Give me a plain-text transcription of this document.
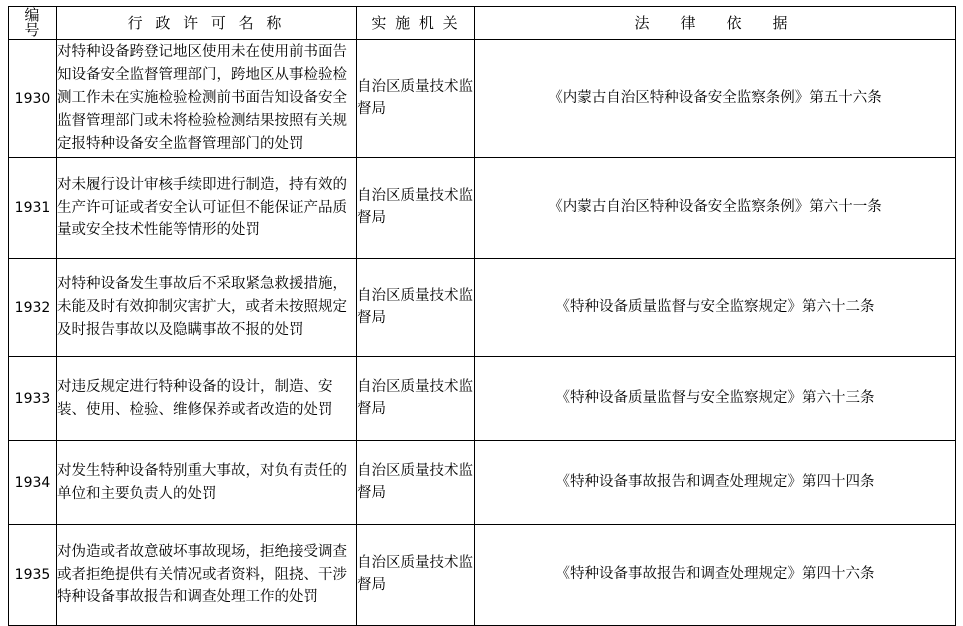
编　号	行 政 许 可 名 称	实 施 机 关	法　律　依　据

1930	对特种设备跨登记地区使用未在使用前书面告知设备安全监督管理部门，跨地区从事检验检测工作未在实施检验检测前书面告知设备安全监督管理部门或未将检验检测结果按照有关规定报特种设备安全监督管理部门的处罚	自治区质量技术监督局	《内蒙古自治区特种设备安全监察条例》第五十六条
1931	对未履行设计审核手续即进行制造，持有效的生产许可证或者安全认可证但不能保证产品质量或安全技术性能等情形的处罚	自治区质量技术监督局	《内蒙古自治区特种设备安全监察条例》第六十一条
1932	对特种设备发生事故后不采取紧急救援措施，未能及时有效抑制灾害扩大，或者未按照规定及时报告事故以及隐瞒事故不报的处罚	自治区质量技术监督局	《特种设备质量监督与安全监察规定》第六十二条
1933	对违反规定进行特种设备的设计，制造、安装、使用、检验、维修保养或者改造的处罚	自治区质量技术监督局	《特种设备质量监督与安全监察规定》第六十三条
1934	对发生特种设备特别重大事故，对负有责任的单位和主要负责人的处罚	自治区质量技术监督局	《特种设备事故报告和调查处理规定》第四十四条
1935	对伪造或者故意破坏事故现场，拒绝接受调查或者拒绝提供有关情况或者资料，阻挠、干涉特种设备事故报告和调查处理工作的处罚	自治区质量技术监督局	《特种设备事故报告和调查处理规定》第四十六条
